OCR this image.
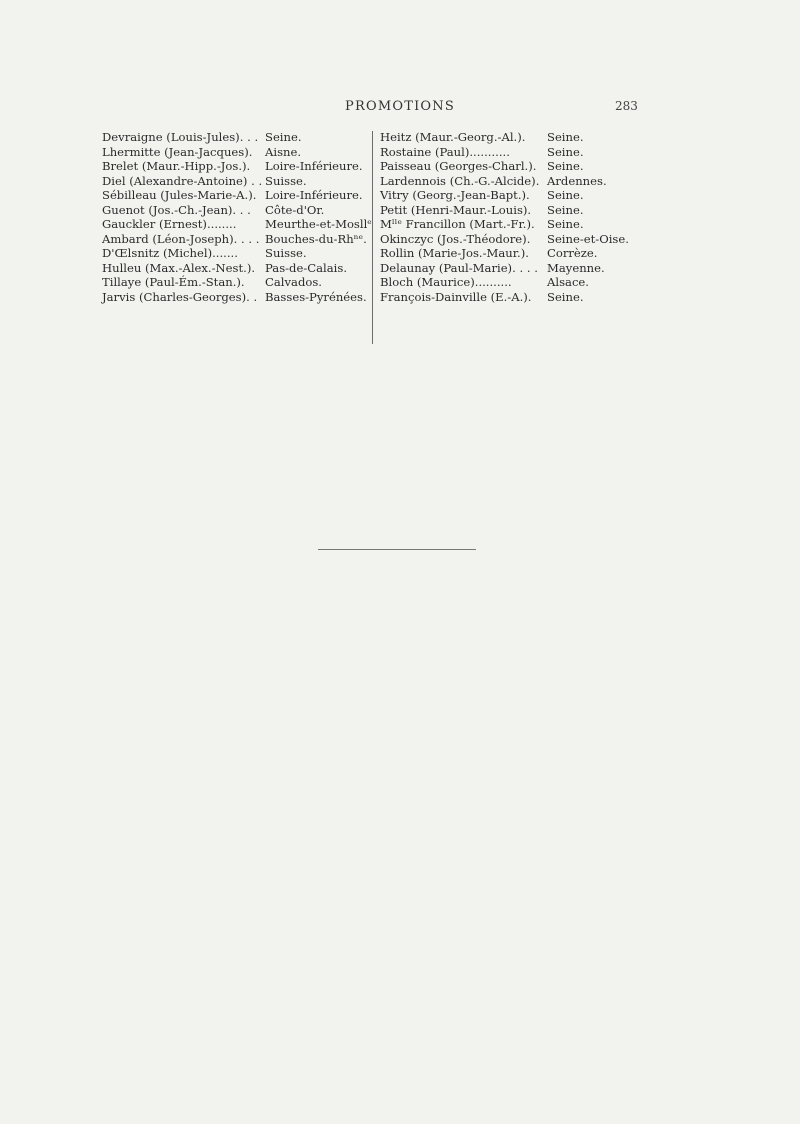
PROMOTIONS	283
Devraigne (Louis-Jules). . . Seine.
Lhermitte (Jean-Jacques). Aisne.
Brelet (Maur.-Hipp.-Jos.). Loire-Inférieure.
Diel (Alexandre-Antoine) . . Suisse.
Sébilleau (Jules-Marie-A.). Loire-Inférieure.
Guenot (Jos.-Ch.-Jean). . . Côte-d'Or.
Gauckler (Ernest)........ Meurthe-et-Mosllᵉ
Ambard (Léon-Joseph). . . . Bouches-du-Rhⁿᵉ.
D'Œlsnitz (Michel)....... Suisse.
Hulleu (Max.-Alex.-Nest.). Pas-de-Calais.
Tillaye (Paul-Ém.-Stan.). Calvados.
Jarvis (Charles-Georges). . Basses-Pyrénées.
Heitz (Maur.-Georg.-Al.). Seine.
Rostaine (Paul)...........	Seine.
Paisseau (Georges-Charl.). Seine.
Lardennois (Ch.-G.-Alcide). Ardennes.
Vitry (Georg.-Jean-Bapt.). Seine.
Petit (Henri-Maur.-Louis). Seine.
Mˡˡᵉ Francillon (Mart.-Fr.). Seine.
Okinczyc (Jos.-Théodore). Seine-et-Oise.
Rollin (Marie-Jos.-Maur.). Corrèze.
Delaunay (Paul-Marie). . . . Mayenne.
Bloch (Maurice)..........	Alsace.
François-Dainville (E.-A.). Seine.
